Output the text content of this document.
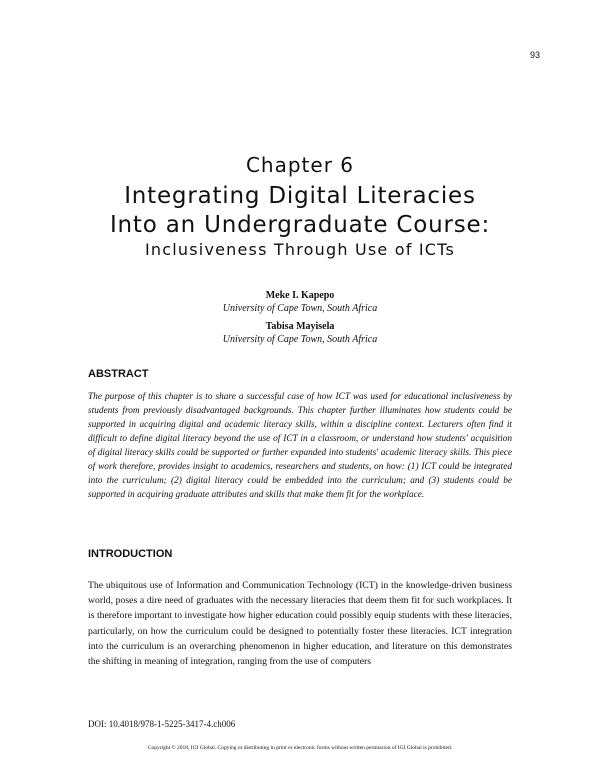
93
Chapter 6
Integrating Digital Literacies
Into an Undergraduate Course:
Inclusiveness Through Use of ICTs
Meke I. Kapepo
University of Cape Town, South Africa
Tabisa Mayisela
University of Cape Town, South Africa
ABSTRACT
The purpose of this chapter is to share a successful case of how ICT was used for educational inclusiveness by students from previously disadvantaged backgrounds. This chapter further illuminates how students could be supported in acquiring digital and academic literacy skills, within a discipline context. Lecturers often find it difficult to define digital literacy beyond the use of ICT in a classroom, or understand how students' acquisition of digital literacy skills could be supported or further expanded into students' academic literacy skills. This piece of work therefore, provides insight to academics, researchers and students, on how: (1) ICT could be integrated into the curriculum; (2) digital literacy could be embedded into the curriculum; and (3) students could be supported in acquiring graduate attributes and skills that make them fit for the workplace.
INTRODUCTION
The ubiquitous use of Information and Communication Technology (ICT) in the knowledge-driven business world, poses a dire need of graduates with the necessary literacies that deem them fit for such workplaces. It is therefore important to investigate how higher education could possibly equip students with these literacies, particularly, on how the curriculum could be designed to potentially foster these literacies. ICT integration into the curriculum is an overarching phenomenon in higher education, and literature on this demonstrates the shifting in meaning of integration, ranging from the use of computers
DOI: 10.4018/978-1-5225-3417-4.ch006
Copyright © 2018, IGI Global. Copying or distributing in print or electronic forms without written permission of IGI Global is prohibited.
